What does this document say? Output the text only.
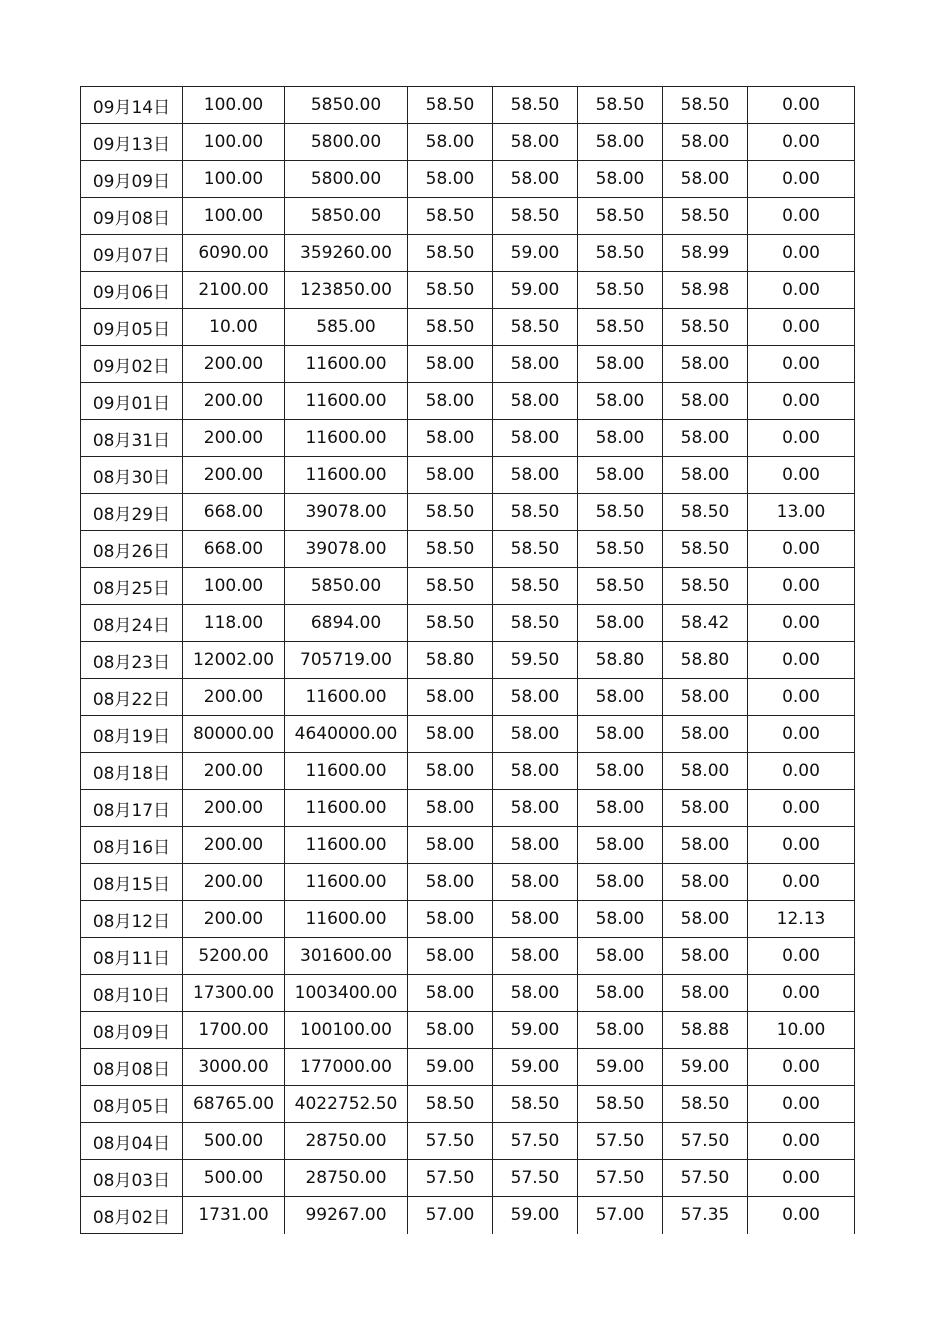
09月14日	100.00	5850.00	58.50	58.50	58.50	58.50	0.00
09月13日	100.00	5800.00	58.00	58.00	58.00	58.00	0.00
09月09日	100.00	5800.00	58.00	58.00	58.00	58.00	0.00
09月08日	100.00	5850.00	58.50	58.50	58.50	58.50	0.00
09月07日	6090.00	359260.00	58.50	59.00	58.50	58.99	0.00
09月06日	2100.00	123850.00	58.50	59.00	58.50	58.98	0.00
09月05日	10.00	585.00	58.50	58.50	58.50	58.50	0.00
09月02日	200.00	11600.00	58.00	58.00	58.00	58.00	0.00
09月01日	200.00	11600.00	58.00	58.00	58.00	58.00	0.00
08月31日	200.00	11600.00	58.00	58.00	58.00	58.00	0.00
08月30日	200.00	11600.00	58.00	58.00	58.00	58.00	0.00
08月29日	668.00	39078.00	58.50	58.50	58.50	58.50	13.00
08月26日	668.00	39078.00	58.50	58.50	58.50	58.50	0.00
08月25日	100.00	5850.00	58.50	58.50	58.50	58.50	0.00
08月24日	118.00	6894.00	58.50	58.50	58.00	58.42	0.00
08月23日	12002.00	705719.00	58.80	59.50	58.80	58.80	0.00
08月22日	200.00	11600.00	58.00	58.00	58.00	58.00	0.00
08月19日	80000.00	4640000.00	58.00	58.00	58.00	58.00	0.00
08月18日	200.00	11600.00	58.00	58.00	58.00	58.00	0.00
08月17日	200.00	11600.00	58.00	58.00	58.00	58.00	0.00
08月16日	200.00	11600.00	58.00	58.00	58.00	58.00	0.00
08月15日	200.00	11600.00	58.00	58.00	58.00	58.00	0.00
08月12日	200.00	11600.00	58.00	58.00	58.00	58.00	12.13
08月11日	5200.00	301600.00	58.00	58.00	58.00	58.00	0.00
08月10日	17300.00	1003400.00	58.00	58.00	58.00	58.00	0.00
08月09日	1700.00	100100.00	58.00	59.00	58.00	58.88	10.00
08月08日	3000.00	177000.00	59.00	59.00	59.00	59.00	0.00
08月05日	68765.00	4022752.50	58.50	58.50	58.50	58.50	0.00
08月04日	500.00	28750.00	57.50	57.50	57.50	57.50	0.00
08月03日	500.00	28750.00	57.50	57.50	57.50	57.50	0.00
08月02日	1731.00	99267.00	57.00	59.00	57.00	57.35	0.00
